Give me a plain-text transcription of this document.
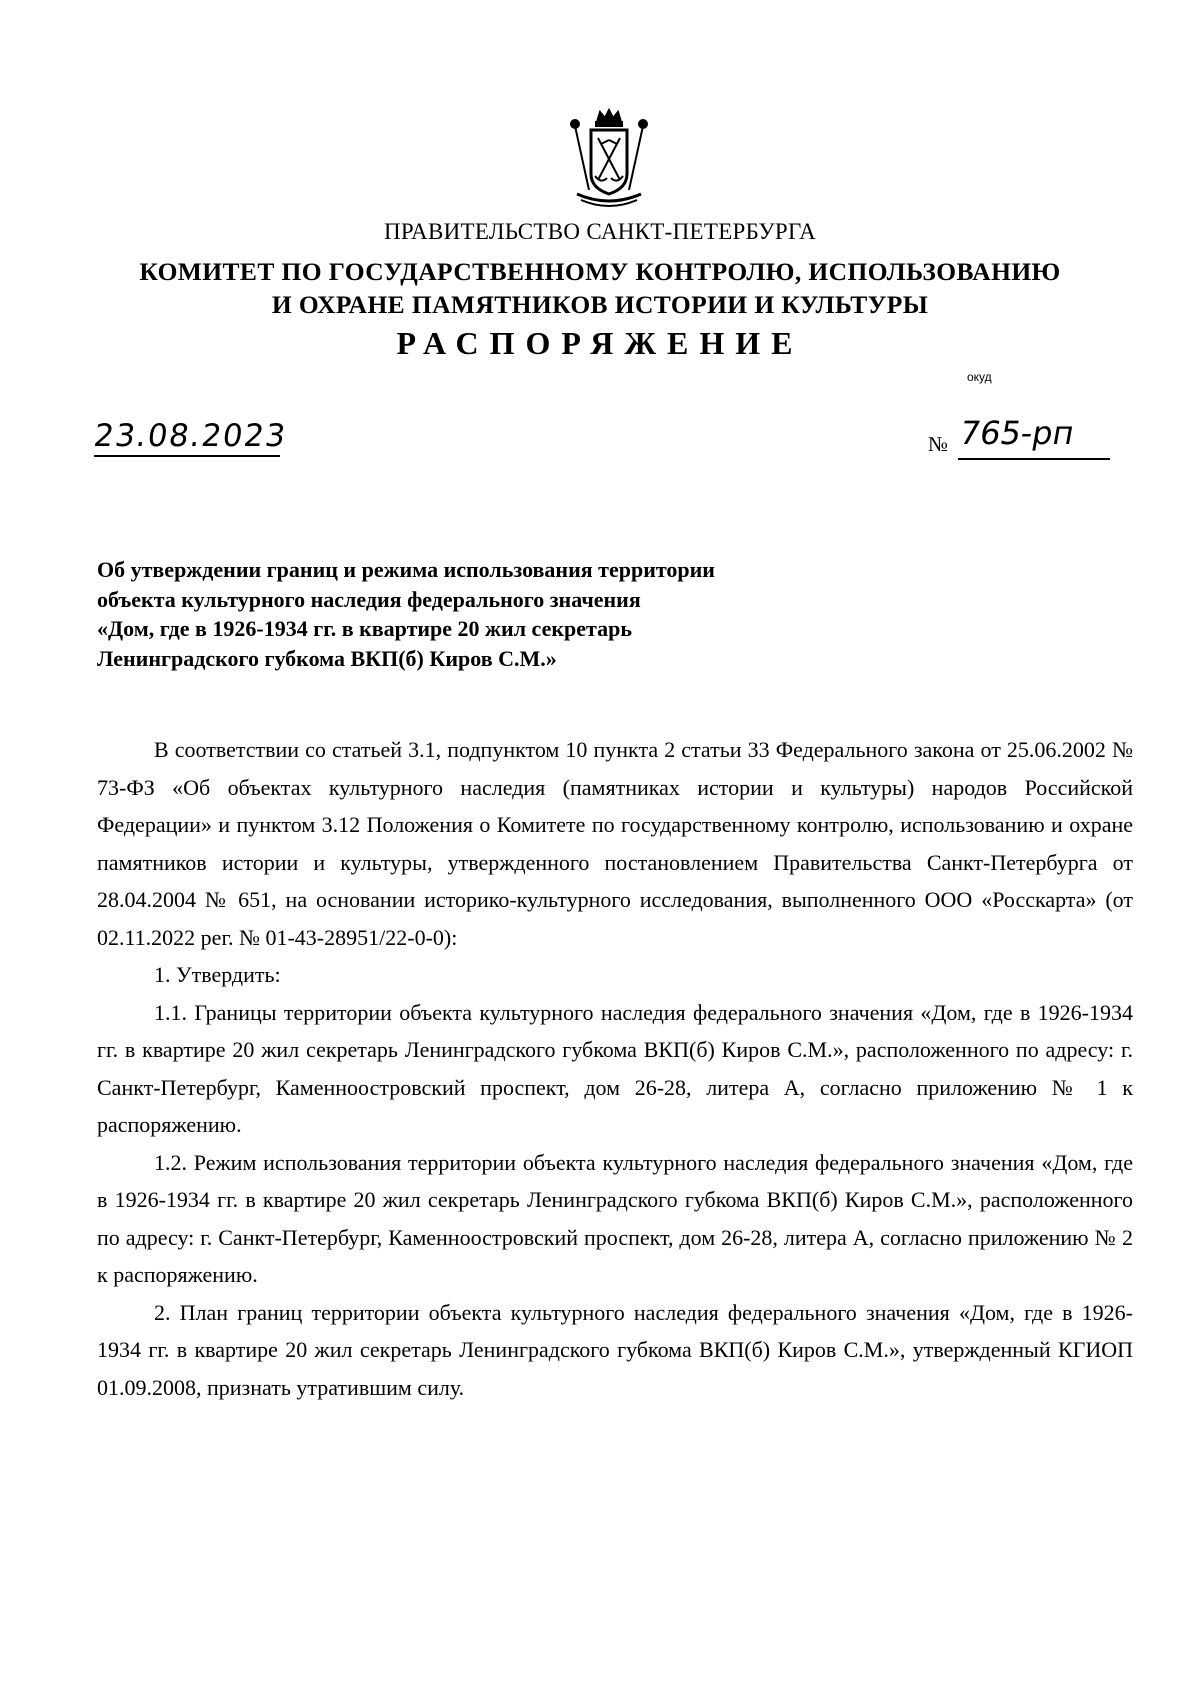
ПРАВИТЕЛЬСТВО САНКТ-ПЕТЕРБУРГА
КОМИТЕТ ПО ГОСУДАРСТВЕННОМУ КОНТРОЛЮ, ИСПОЛЬЗОВАНИЮ
И ОХРАНЕ ПАМЯТНИКОВ ИСТОРИИ И КУЛЬТУРЫ
РАСПОРЯЖЕНИЕ
окуд
23.08.2023	№ 765-рп
Об утверждении границ и режима использования территории
объекта культурного наследия федерального значения
«Дом, где в 1926-1934 гг. в квартире 20 жил секретарь
Ленинградского губкома ВКП(б) Киров С.М.»

В соответствии со статьей 3.1, подпунктом 10 пункта 2 статьи 33 Федерального закона от 25.06.2002 № 73-ФЗ «Об объектах культурного наследия (памятниках истории и культуры) народов Российской Федерации» и пунктом 3.12 Положения о Комитете по государственному контролю, использованию и охране памятников истории и культуры, утвержденного постановлением Правительства Санкт-Петербурга от 28.04.2004 № 651, на основании историко-культурного исследования, выполненного ООО «Росскарта» (от 02.11.2022 рег. № 01-43-28951/22-0-0):

1. Утвердить:

1.1. Границы территории объекта культурного наследия федерального значения «Дом, где в 1926-1934 гг. в квартире 20 жил секретарь Ленинградского губкома ВКП(б) Киров С.М.», расположенного по адресу: г. Санкт-Петербург, Каменноостровский проспект, дом 26-28, литера А, согласно приложению № 1 к распоряжению.

1.2. Режим использования территории объекта культурного наследия федерального значения «Дом, где в 1926-1934 гг. в квартире 20 жил секретарь Ленинградского губкома ВКП(б) Киров С.М.», расположенного по адресу: г. Санкт-Петербург, Каменноостровский проспект, дом 26-28, литера А, согласно приложению № 2 к распоряжению.

2. План границ территории объекта культурного наследия федерального значения «Дом, где в 1926-1934 гг. в квартире 20 жил секретарь Ленинградского губкома ВКП(б) Киров С.М.», утвержденный КГИОП 01.09.2008, признать утратившим силу.
